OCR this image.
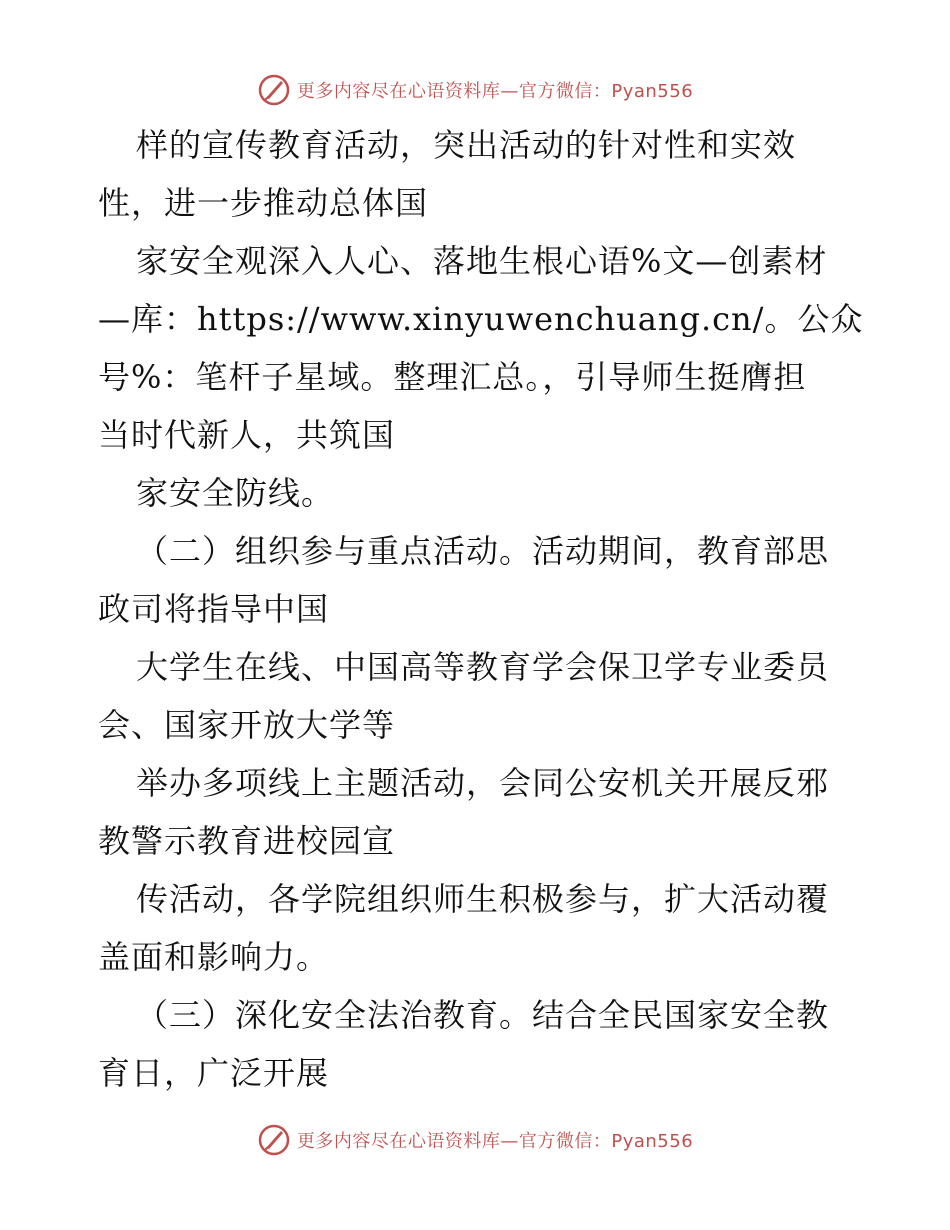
更多内容尽在心语资料库—官方微信：Pyan556
样的宣传教育活动，突出活动的针对性和实效
性，进一步推动总体国
家安全观深入人心、落地生根心语%文—创素材
—库：https://www.xinyuwenchuang.cn/。公众
号%：笔杆子星域。整理汇总。，引导师生挺膺担
当时代新人，共筑国
家安全防线。
（二）组织参与重点活动。活动期间，教育部思
政司将指导中国
大学生在线、中国高等教育学会保卫学专业委员
会、国家开放大学等
举办多项线上主题活动，会同公安机关开展反邪
教警示教育进校园宣
传活动，各学院组织师生积极参与，扩大活动覆
盖面和影响力。
（三）深化安全法治教育。结合全民国家安全教
育日，广泛开展
更多内容尽在心语资料库—官方微信：Pyan556
